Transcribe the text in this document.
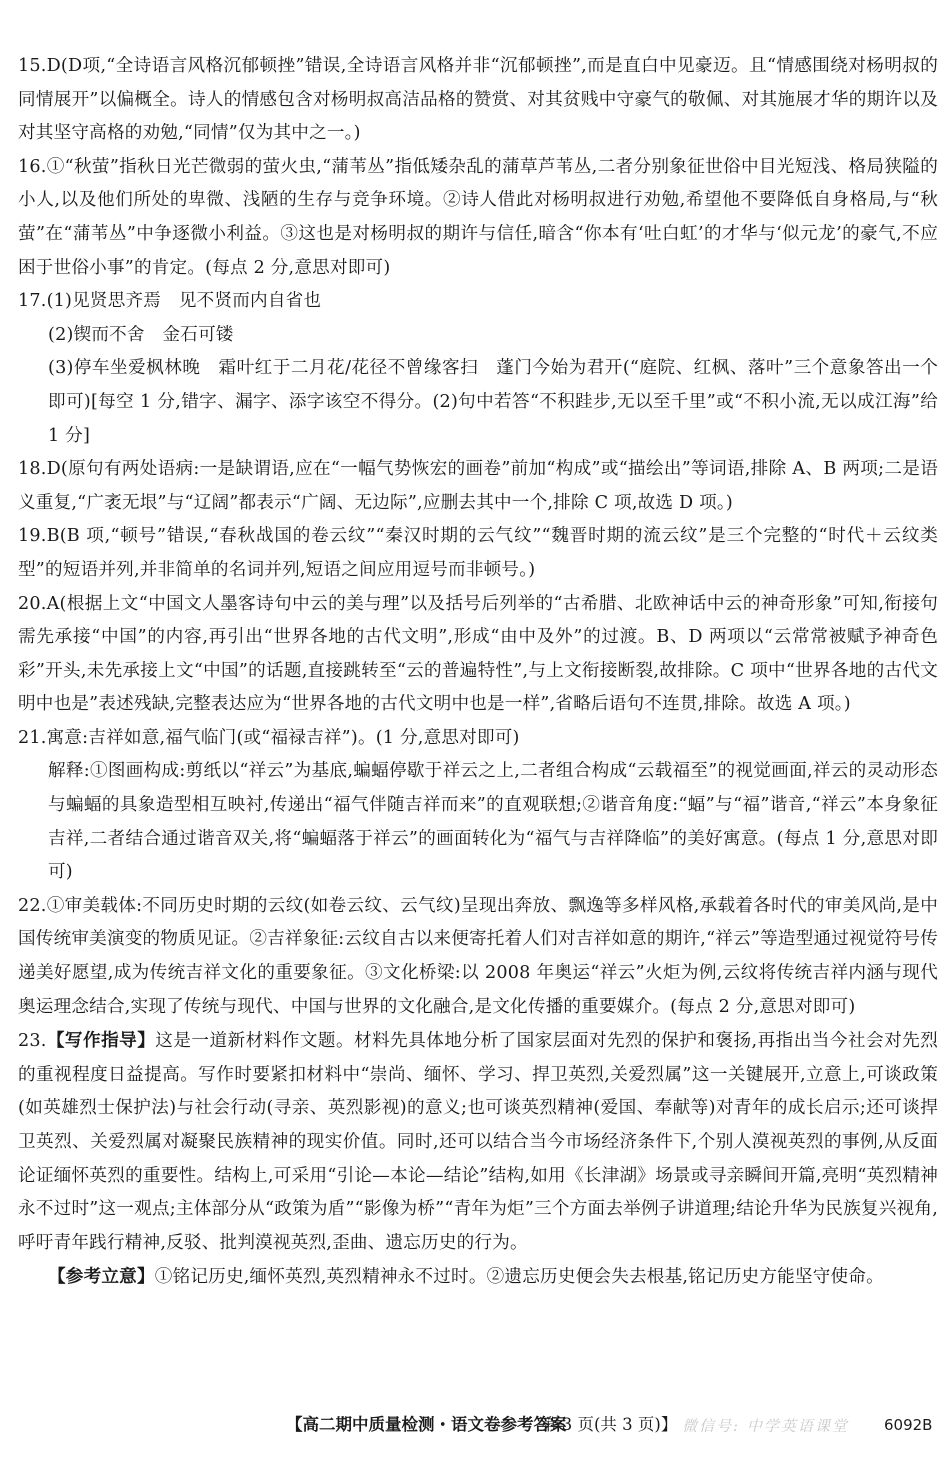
15.D(D项,“全诗语言风格沉郁顿挫”错误,全诗语言风格并非“沉郁顿挫”,而是直白中见豪迈。且“情感围绕对杨明叔的同情展开”以偏概全。诗人的情感包含对杨明叔高洁品格的赞赏、对其贫贱中守豪气的敬佩、对其施展才华的期许以及对其坚守高格的劝勉,“同情”仅为其中之一。)

16.①“秋萤”指秋日光芒微弱的萤火虫,“蒲苇丛”指低矮杂乱的蒲草芦苇丛,二者分别象征世俗中目光短浅、格局狭隘的小人,以及他们所处的卑微、浅陋的生存与竞争环境。②诗人借此对杨明叔进行劝勉,希望他不要降低自身格局,与“秋萤”在“蒲苇丛”中争逐微小利益。③这也是对杨明叔的期许与信任,暗含“你本有‘吐白虹’的才华与‘似元龙’的豪气,不应困于世俗小事”的肯定。(每点 2 分,意思对即可)

17.(1)见贤思齐焉　见不贤而内自省也

(2)锲而不舍　金石可镂

(3)停车坐爱枫林晚　霜叶红于二月花/花径不曾缘客扫　蓬门今始为君开(“庭院、红枫、落叶”三个意象答出一个即可)[每空 1 分,错字、漏字、添字该空不得分。(2)句中若答“不积跬步,无以至千里”或“不积小流,无以成江海”给 1 分]

18.D(原句有两处语病:一是缺谓语,应在“一幅气势恢宏的画卷”前加“构成”或“描绘出”等词语,排除 A、B 两项;二是语义重复,“广袤无垠”与“辽阔”都表示“广阔、无边际”,应删去其中一个,排除 C 项,故选 D 项。)

19.B(B 项,“顿号”错误,“春秋战国的卷云纹”“秦汉时期的云气纹”“魏晋时期的流云纹”是三个完整的“时代＋云纹类型”的短语并列,并非简单的名词并列,短语之间应用逗号而非顿号。)

20.A(根据上文“中国文人墨客诗句中云的美与理”以及括号后列举的“古希腊、北欧神话中云的神奇形象”可知,衔接句需先承接“中国”的内容,再引出“世界各地的古代文明”,形成“由中及外”的过渡。B、D 两项以“云常常被赋予神奇色彩”开头,未先承接上文“中国”的话题,直接跳转至“云的普遍特性”,与上文衔接断裂,故排除。C 项中“世界各地的古代文明中也是”表述残缺,完整表达应为“世界各地的古代文明中也是一样”,省略后语句不连贯,排除。故选 A 项。)

21.寓意:吉祥如意,福气临门(或“福禄吉祥”)。(1 分,意思对即可)

解释:①图画构成:剪纸以“祥云”为基底,蝙蝠停歇于祥云之上,二者组合构成“云载福至”的视觉画面,祥云的灵动形态与蝙蝠的具象造型相互映衬,传递出“福气伴随吉祥而来”的直观联想;②谐音角度:“蝠”与“福”谐音,“祥云”本身象征吉祥,二者结合通过谐音双关,将“蝙蝠落于祥云”的画面转化为“福气与吉祥降临”的美好寓意。(每点 1 分,意思对即可)

22.①审美载体:不同历史时期的云纹(如卷云纹、云气纹)呈现出奔放、飘逸等多样风格,承载着各时代的审美风尚,是中国传统审美演变的物质见证。②吉祥象征:云纹自古以来便寄托着人们对吉祥如意的期许,“祥云”等造型通过视觉符号传递美好愿望,成为传统吉祥文化的重要象征。③文化桥梁:以 2008 年奥运“祥云”火炬为例,云纹将传统吉祥内涵与现代奥运理念结合,实现了传统与现代、中国与世界的文化融合,是文化传播的重要媒介。(每点 2 分,意思对即可)

23.【写作指导】这是一道新材料作文题。材料先具体地分析了国家层面对先烈的保护和褒扬,再指出当今社会对先烈的重视程度日益提高。写作时要紧扣材料中“崇尚、缅怀、学习、捍卫英烈,关爱烈属”这一关键展开,立意上,可谈政策(如英雄烈士保护法)与社会行动(寻亲、英烈影视)的意义;也可谈英烈精神(爱国、奉献等)对青年的成长启示;还可谈捍卫英烈、关爱烈属对凝聚民族精神的现实价值。同时,还可以结合当今市场经济条件下,个别人漠视英烈的事例,从反面论证缅怀英烈的重要性。结构上,可采用“引论—本论—结论”结构,如用《长津湖》场景或寻亲瞬间开篇,亮明“英烈精神永不过时”这一观点;主体部分从“政策为盾”“影像为桥”“青年为炬”三个方面去举例子讲道理;结论升华为民族复兴视角,呼吁青年践行精神,反驳、批判漠视英烈,歪曲、遗忘历史的行为。

【参考立意】①铭记历史,缅怀英烈,英烈精神永不过时。②遗忘历史便会失去根基,铭记历史方能坚守使命。

【高二期中质量检测・语文卷参考答案
第 3 页(共 3 页)】 微信号: 中学英语课堂 6092B
